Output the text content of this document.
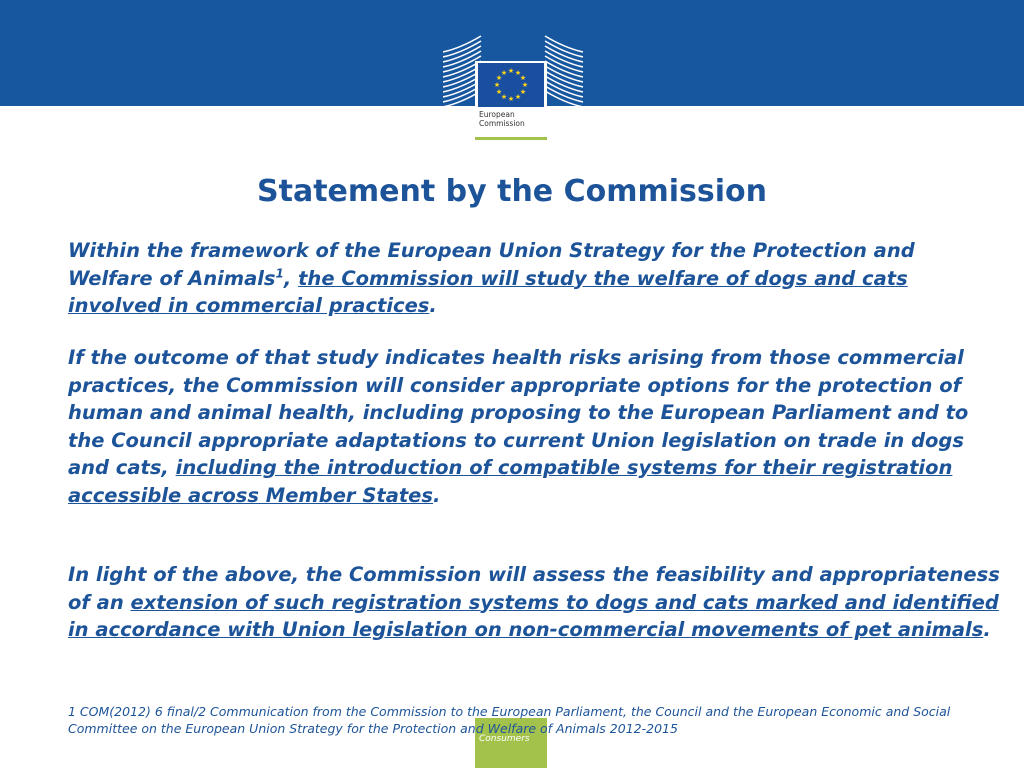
★ ★
★
★
★
★
★
★
★
★
★
★
European
Commission
Statement by the Commission

Within the framework of the European Union Strategy for the Protection and Welfare of Animals$^1$, the Commission will study the welfare of dogs and cats involved in commercial practices.

If the outcome of that study indicates health risks arising from those commercial practices, the Commission will consider appropriate options for the protection of human and animal health, including proposing to the European Parliament and to the Council appropriate adaptations to current Union legislation on trade in dogs and cats, including the introduction of compatible systems for their registration accessible across Member States.

In light of the above, the Commission will assess the feasibility and appropriateness of an extension of such registration systems to dogs and cats marked and identified in accordance with Union legislation on non-commercial movements of pet animals.

Consumers
1 COM(2012) 6 final/2 Communication from the Commission to the European Parliament, the Council and the European Economic and Social Committee on the European Union Strategy for the Protection and Welfare of Animals 2012-2015
